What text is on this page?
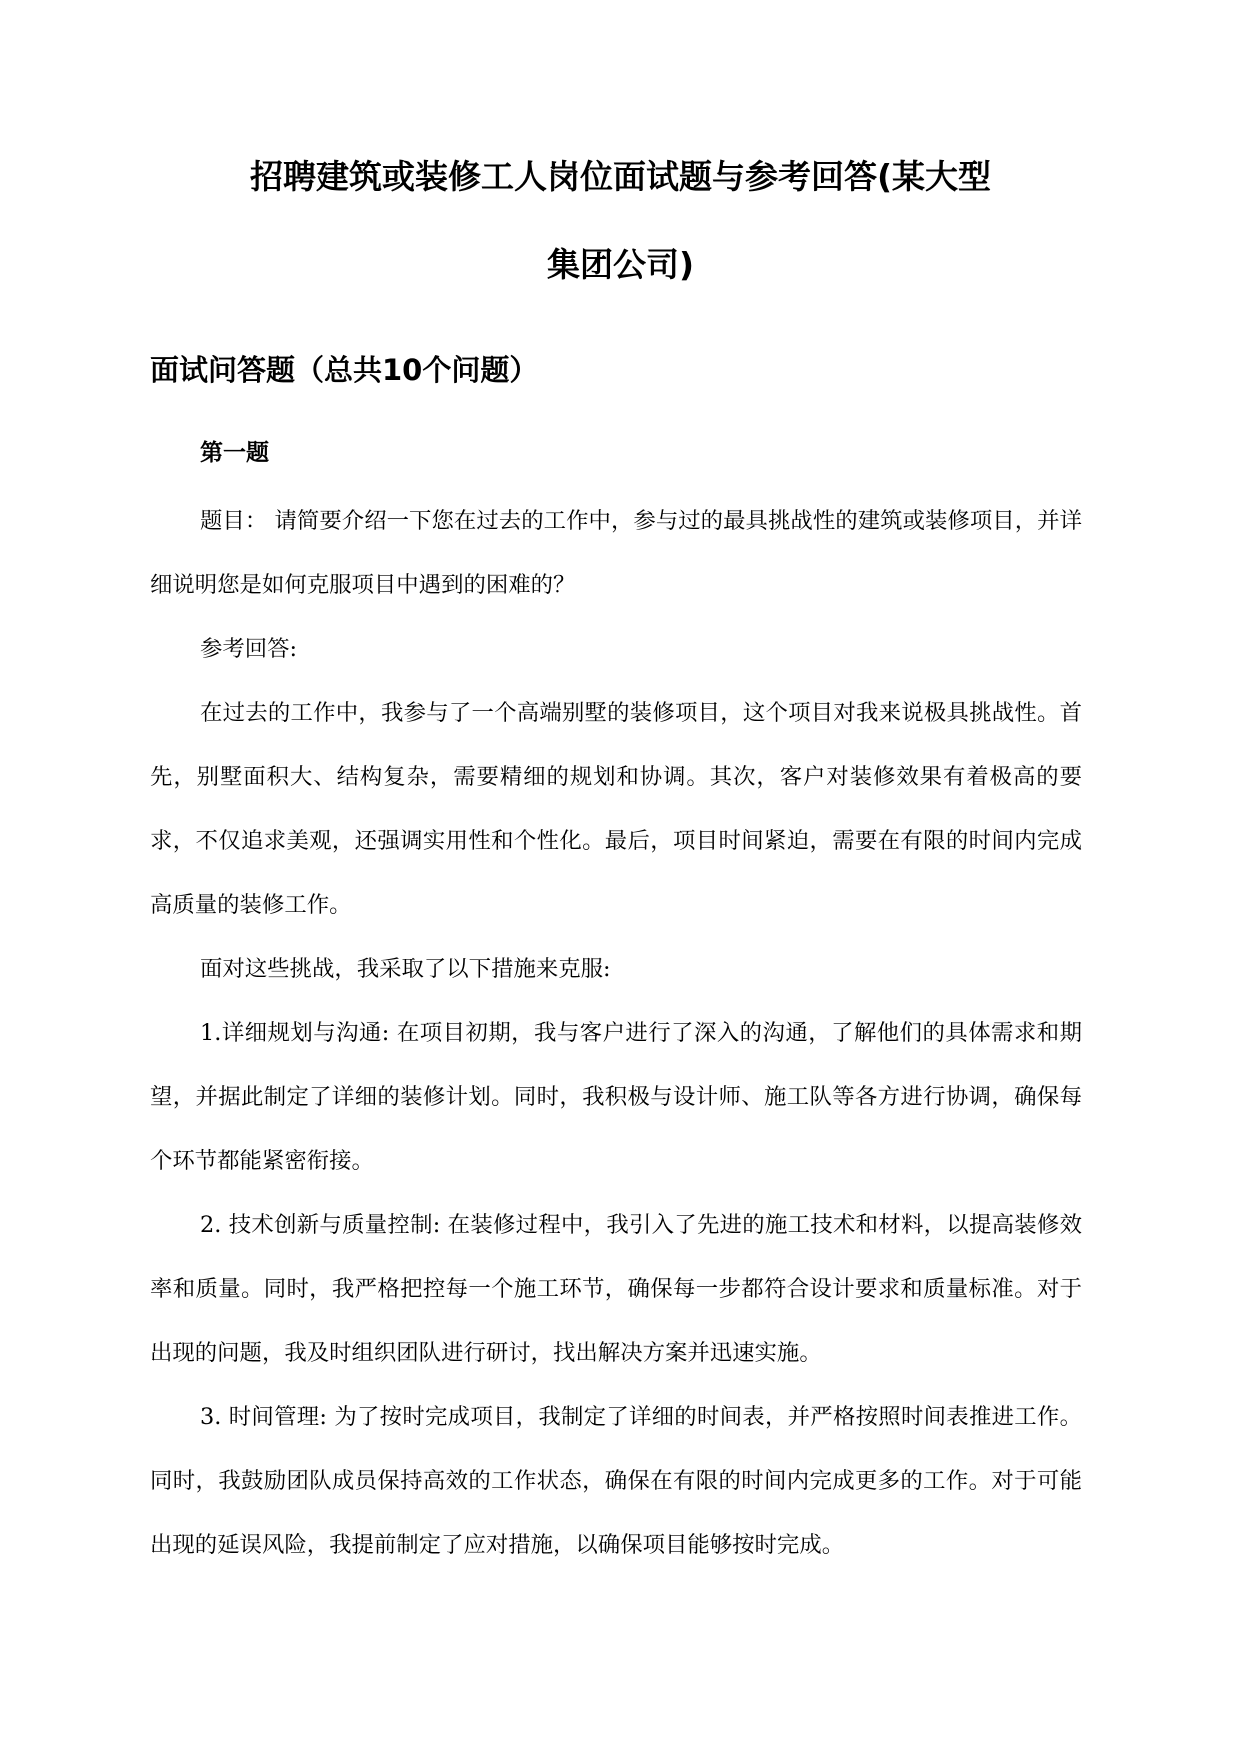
招聘建筑或装修工人岗位面试题与参考回答(某大型
集团公司)
面试问答题（总共10个问题）
第一题

题目： 请简要介绍一下您在过去的工作中，参与过的最具挑战性的建筑或装修项目，并详细说明您是如何克服项目中遇到的困难的？

参考回答:

在过去的工作中，我参与了一个高端别墅的装修项目，这个项目对我来说极具挑战性。首先，别墅面积大、结构复杂，需要精细的规划和协调。其次，客户对装修效果有着极高的要求，不仅追求美观，还强调实用性和个性化。最后，项目时间紧迫，需要在有限的时间内完成高质量的装修工作。

面对这些挑战，我采取了以下措施来克服:

1.详细规划与沟通: 在项目初期，我与客户进行了深入的沟通，了解他们的具体需求和期望，并据此制定了详细的装修计划。同时，我积极与设计师、施工队等各方进行协调，确保每个环节都能紧密衔接。

2. 技术创新与质量控制: 在装修过程中，我引入了先进的施工技术和材料，以提高装修效率和质量。同时，我严格把控每一个施工环节，确保每一步都符合设计要求和质量标准。对于出现的问题，我及时组织团队进行研讨，找出解决方案并迅速实施。

3. 时间管理: 为了按时完成项目，我制定了详细的时间表，并严格按照时间表推进工作。同时，我鼓励团队成员保持高效的工作状态，确保在有限的时间内完成更多的工作。对于可能出现的延误风险，我提前制定了应对措施，以确保项目能够按时完成。
